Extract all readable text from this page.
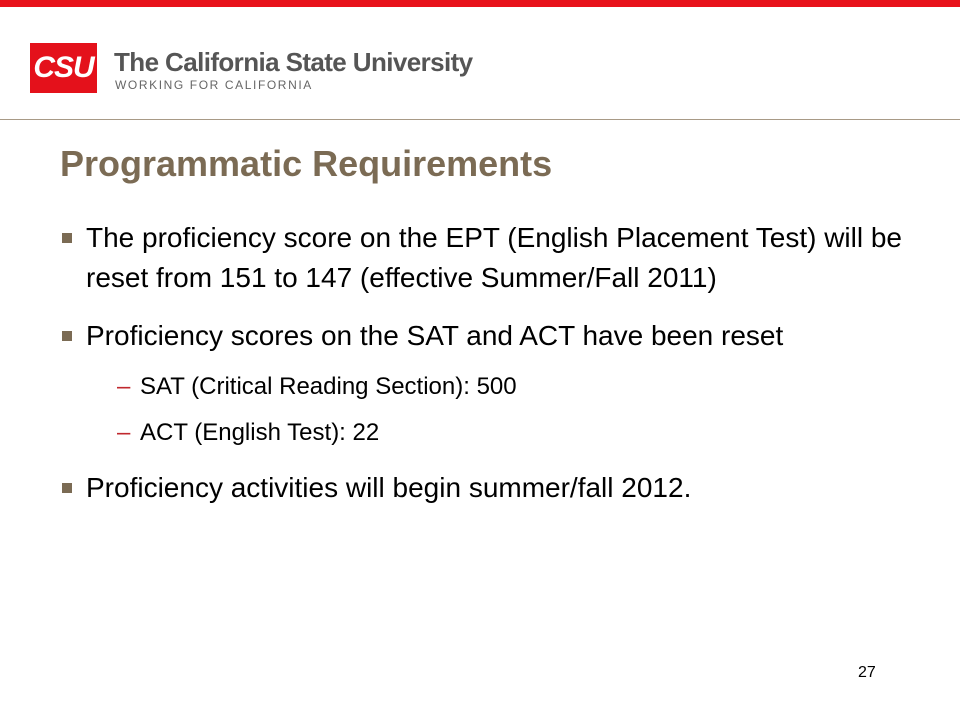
CSU The California State University
WORKING FOR CALIFORNIA
Programmatic Requirements
The proficiency score on the EPT (English Placement Test) will be reset from 151 to 147 (effective Summer/Fall 2011)
Proficiency scores on the SAT and ACT have been reset
– SAT (Critical Reading Section): 500
– ACT (English Test): 22
Proficiency activities will begin summer/fall 2012.
27
